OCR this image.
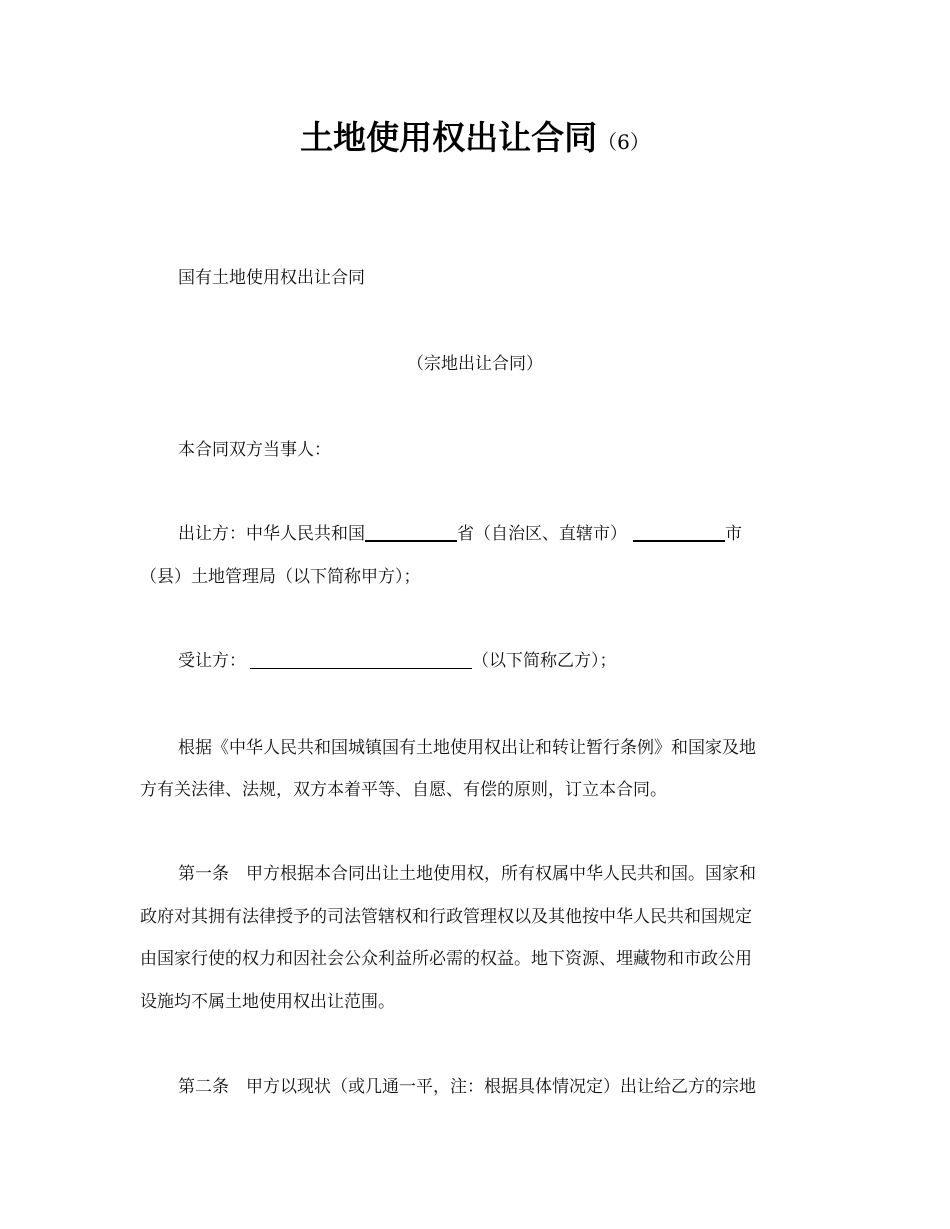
土地使用权出让合同（6）
国有土地使用权出让合同
（宗地出让合同）
本合同双方当事人：
出让方：中华人民共和国	省（自治区、直辖市）	市
（县）土地管理局（以下简称甲方）；
受让方：	（以下简称乙方）；
根据《中华人民共和国城镇国有土地使用权出让和转让暂行条例》和国家及地
方有关法律、法规，双方本着平等、自愿、有偿的原则，订立本合同。
第一条　甲方根据本合同出让土地使用权，所有权属中华人民共和国。国家和
政府对其拥有法律授予的司法管辖权和行政管理权以及其他按中华人民共和国规定
由国家行使的权力和因社会公众利益所必需的权益。地下资源、埋藏物和市政公用
设施均不属土地使用权出让范围。
第二条　甲方以现状（或几通一平，注：根据具体情况定）出让给乙方的宗地
